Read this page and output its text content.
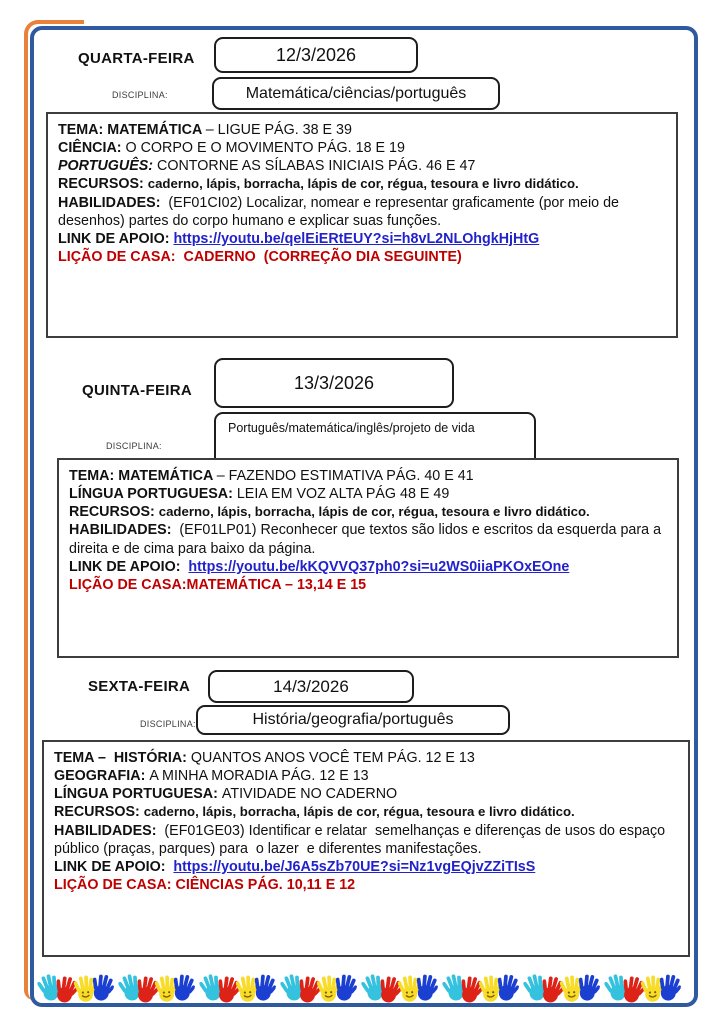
QUARTA-FEIRA	12/3/2026
DISCIPLINA:	Matemática/ciências/português
TEMA: MATEMÁTICA – LIGUE PÁG. 38 E 39
CIÊNCIA: O CORPO E O MOVIMENTO PÁG. 18 E 19
PORTUGUÊS: CONTORNE AS SÍLABAS INICIAIS PÁG. 46 E 47
RECURSOS: caderno, lápis, borracha, lápis de cor, régua, tesoura e livro didático.
HABILIDADES:  (EF01CI02) Localizar, nomear e representar graficamente (por meio de desenhos) partes do corpo humano e explicar suas funções.
LINK DE APOIO: https://youtu.be/qelEiERtEUY?si=h8vL2NLOhgkHjHtG
LIÇÃO DE CASA:  CADERNO  (CORREÇÃO DIA SEGUINTE)
QUINTA-FEIRA	13/3/2026
DISCIPLINA:
Português/matemática/inglês/projeto de vida
TEMA: MATEMÁTICA – FAZENDO ESTIMATIVA PÁG. 40 E 41
LÍNGUA PORTUGUESA: LEIA EM VOZ ALTA PÁG 48 E 49
RECURSOS: caderno, lápis, borracha, lápis de cor, régua, tesoura e livro didático.
HABILIDADES:  (EF01LP01) Reconhecer que textos são lidos e escritos da esquerda para a direita e de cima para baixo da página.
LINK DE APOIO:  https://youtu.be/kKQVVQ37ph0?si=u2WS0iiaPKOxEOne
LIÇÃO DE CASA:MATEMÁTICA – 13,14 E 15
SEXTA-FEIRA	14/3/2026
DISCIPLINA:	História/geografia/português
TEMA –  HISTÓRIA: QUANTOS ANOS VOCÊ TEM PÁG. 12 E 13
GEOGRAFIA: A MINHA MORADIA PÁG. 12 E 13
LÍNGUA PORTUGUESA: ATIVIDADE NO CADERNO
RECURSOS: caderno, lápis, borracha, lápis de cor, régua, tesoura e livro didático.
HABILIDADES:  (EF01GE03) Identificar e relatar  semelhanças e diferenças de usos do espaço público (praças, parques) para  o lazer  e diferentes manifestações.
LINK DE APOIO:  https://youtu.be/J6A5sZb70UE?si=Nz1vgEQjvZZiTIsS
LIÇÃO DE CASA: CIÊNCIAS PÁG. 10,11 E 12
